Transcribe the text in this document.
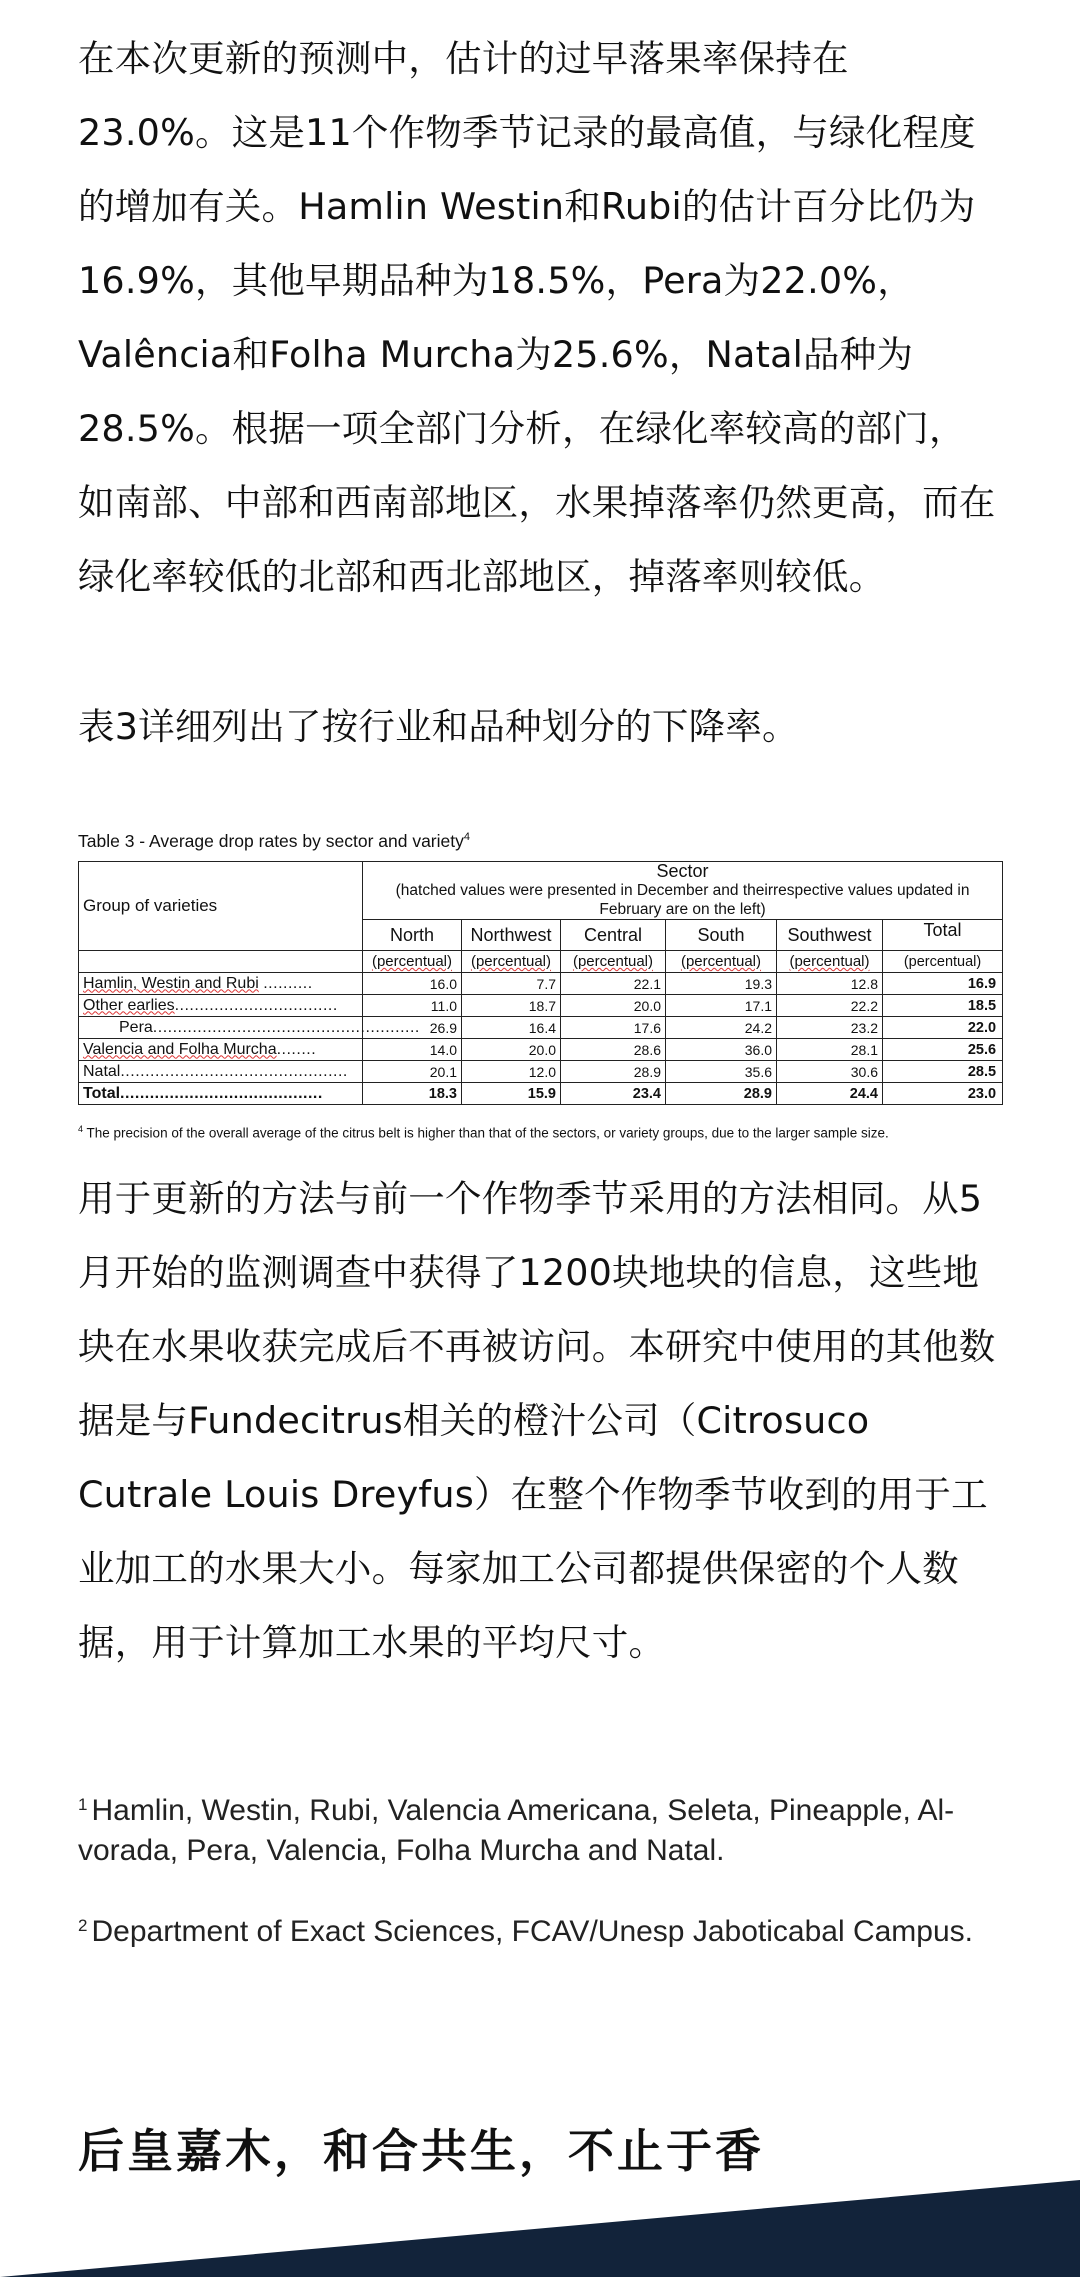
在本次更新的预测中，估计的过早落果率保持在23.0%。这是11个作物季节记录的最高值，与绿化程度的增加有关。Hamlin Westin和Rubi的估计百分比仍为16.9%，其他早期品种为18.5%，Pera为22.0%，Valência和Folha Murcha为25.6%，Natal品种为28.5%。根据一项全部门分析，在绿化率较高的部门，如南部、中部和西南部地区，水果掉落率仍然更高，而在绿化率较低的北部和西北部地区，掉落率则较低。

表3详细列出了按行业和品种划分的下降率。

Table 3 - Average drop rates by sector and variety$^4$
Group of varieties	Sector
(hatched values were presented in December and theirrespective values updated in February are on the left)					

	North	Northwest	Central	South	Southwest	Total
	(percentual)	(percentual)	(percentual)	(percentual)	(percentual)	(percentual)
Hamlin, Westin and Rubi ..........	16.0	7.7	22.1	19.3	12.8	16.9
Other earlies.................................	11.0	18.7	20.0	17.1	22.2	18.5
Pera......................................................	26.9	16.4	17.6	24.2	23.2	22.0
Valencia and Folha Murcha........	14.0	20.0	28.6	36.0	28.1	25.6
Natal..............................................	20.1	12.0	28.9	35.6	30.6	28.5
Total.........................................	18.3	15.9	23.4	28.9	24.4	23.0
$^4$ The precision of the overall average of the citrus belt is higher than that of the sectors, or variety groups, due to the larger sample size.

用于更新的方法与前一个作物季节采用的方法相同。从5月开始的监测调查中获得了1200块地块的信息，这些地块在水果收获完成后不再被访问。本研究中使用的其他数据是与Fundecitrus相关的橙汁公司（Citrosuco Cutrale Louis Dreyfus）在整个作物季节收到的用于工业加工的水果大小。每家加工公司都提供保密的个人数据，用于计算加工水果的平均尺寸。

$^1$ Hamlin, Westin, Rubi, Valencia Americana, Seleta, Pineapple, Al-vorada, Pera, Valencia, Folha Murcha and Natal.

$^2$ Department of Exact Sciences, FCAV/Unesp Jaboticabal Campus.

后皇嘉木，和合共生，不止于香
